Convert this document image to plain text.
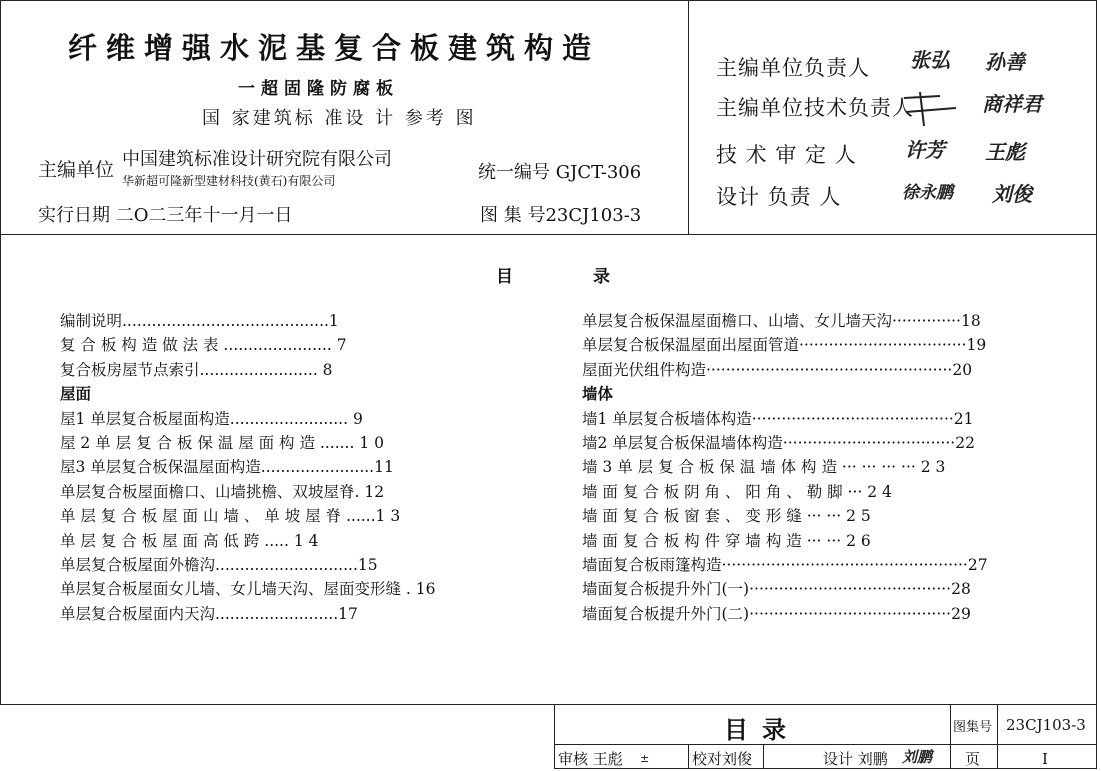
纤维增强水泥基复合板建筑构造
一超固隆防腐板
国 家建筑标 准设 计 参考 图
主编单位 中国建筑标准设计研究院有限公司
华新超可隆新型建材科技(黄石)有限公司	统一编号 GJCT-306
实行日期 二O二三年十一月一日	图 集 号23CJ103-3
主编单位负责人 张弘 孙善
主编单位技术负责人	商祥君
技 术 审 定 人 许芳 王彪
设计 负责 人	徐永鹏 刘俊
目	录
编制说明..........................................1
复 合 板 构 造 做 法 表 ...................... 7
复合板房屋节点索引........................ 8
屋面
屋1 单层复合板屋面构造........................ 9
屋 2 单 层 复 合 板 保 温 屋 面 构 造 ....... 1 0
屋3 单层复合板保温屋面构造.......................11
单层复合板屋面檐口、山墙挑檐、双坡屋脊. 12
单 层 复 合 板 屋 面 山 墙 、 单 坡 屋 脊 ......1 3
单 层 复 合 板 屋 面 高 低 跨 ..... 1 4
单层复合板屋面外檐沟.............................15
单层复合板屋面女儿墙、女儿墙天沟、屋面变形缝 . 16
单层复合板屋面内天沟.........................17
单层复合板保温屋面檐口、山墙、女儿墙天沟··············18
单层复合板保温屋面出屋面管道··································19
屋面光伏组件构造··················································20
墙体
墙1 单层复合板墙体构造·········································21
墙2 单层复合板保温墙体构造···································22
墙 3 单 层 复 合 板 保 温 墙 体 构 造 ··· ··· ··· ··· 2 3
墙 面 复 合 板 阴 角 、 阳 角 、 勒 脚 ··· 2 4
墙 面 复 合 板 窗 套 、 变 形 缝 ··· ··· 2 5
墙 面 复 合 板 构 件 穿 墙 构 造 ··· ··· 2 6
墙面复合板雨篷构造··················································27
墙面复合板提升外门(一)·········································28
墙面复合板提升外门(二)·········································29
目录	图集号 23CJ103-3
审核 王彪 ±	校对刘俊	设计 刘鹏 刘鹏 页	I
